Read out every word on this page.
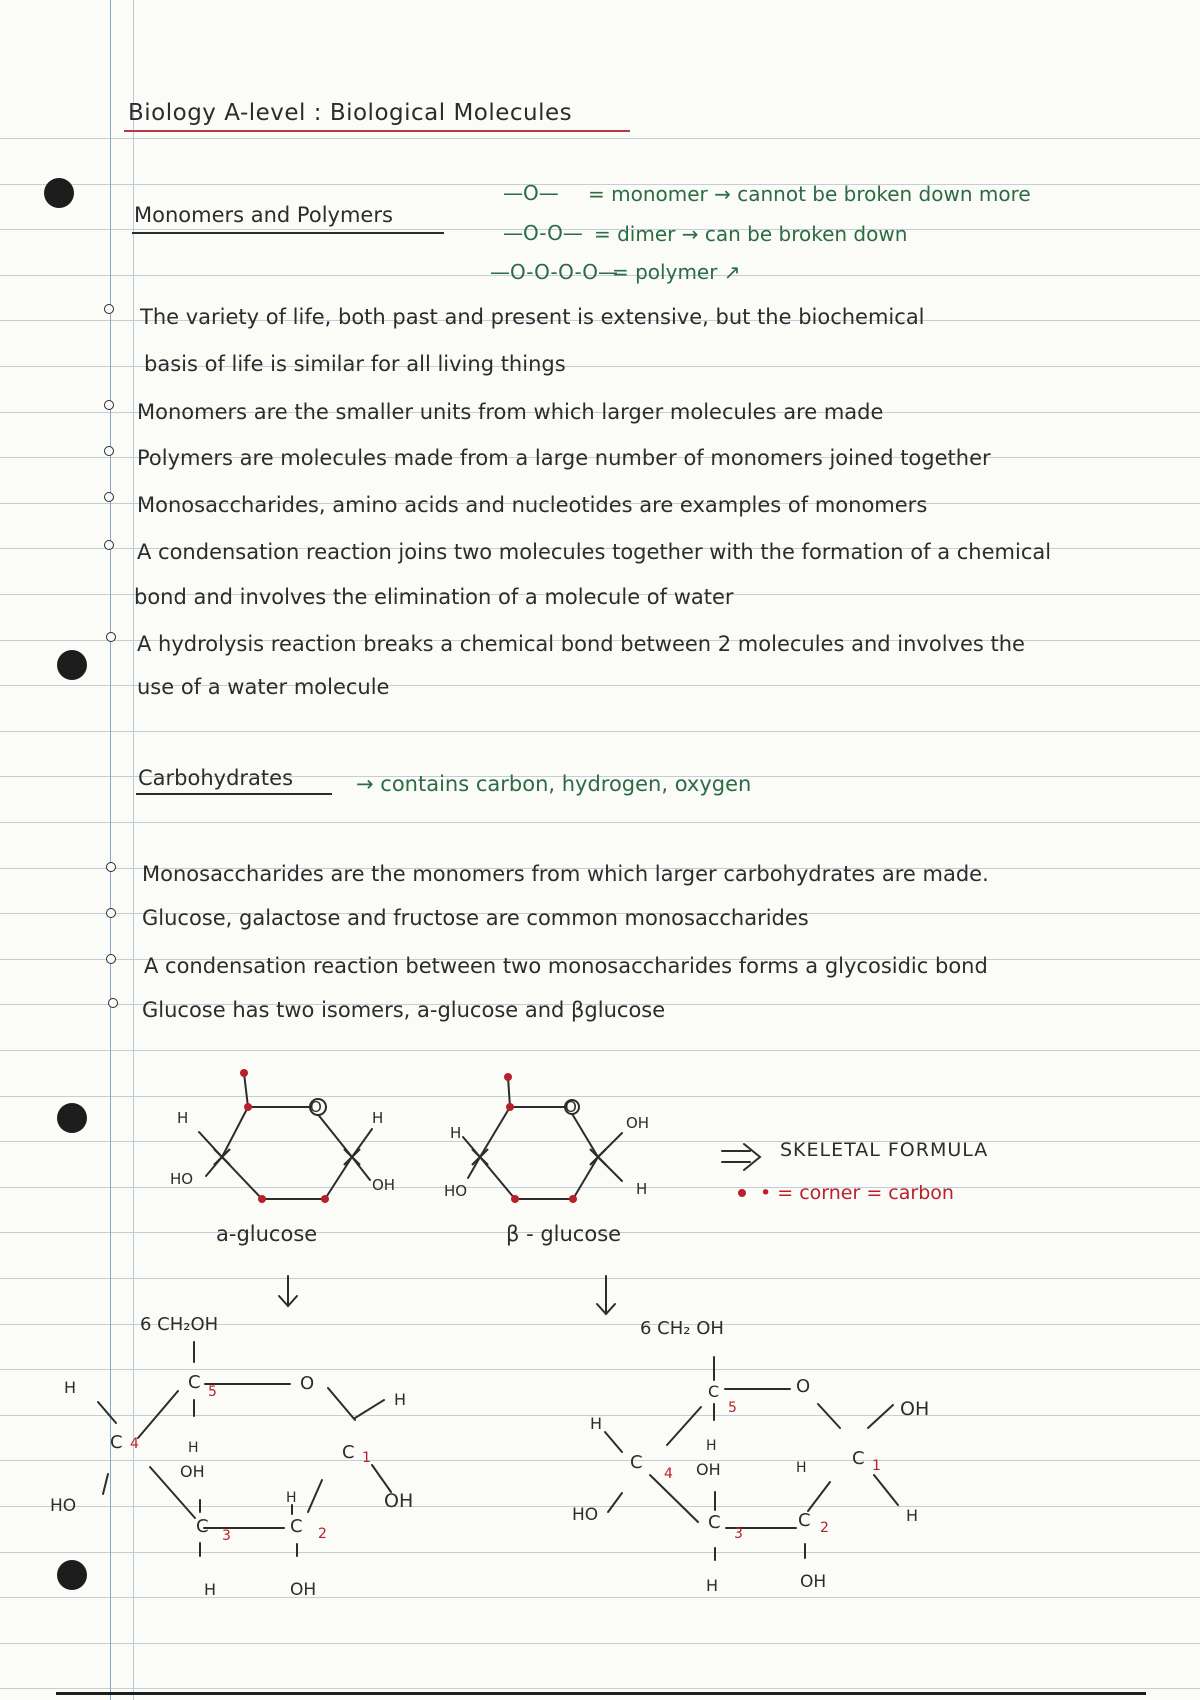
Biology A-level : Biological Molecules
Monomers and Polymers
—O— = monomer → cannot be broken down more
—O-O— = dimer → can be broken down
—O-O-O-O—
= polymer ↗
The variety of life, both past and present is extensive, but the biochemical
basis of life is similar for all living things
Monomers are the smaller units from which larger molecules are made
Polymers are molecules made from a large number of monomers joined together
Monosaccharides, amino acids and nucleotides are examples of monomers
A condensation reaction joins two molecules together with the formation of a chemical
bond and involves the elimination of a molecule of water
A hydrolysis reaction breaks a chemical bond between 2 molecules and involves the
use of a water molecule
Carbohydrates	→ contains carbon, hydrogen, oxygen
Monosaccharides are the monomers from which larger carbohydrates are made.
Glucose, galactose and fructose are common monosaccharides
A condensation reaction between two monosaccharides forms a glycosidic bond
Glucose has two isomers, a-glucose and βglucose
O
H
HO
H
OH
a-glucose
O
H
HO
OH
H
β - glucose
SKELETAL FORMULA
• = corner = carbon
6 CH₂OH
C 5	O
H
C 4
HO
H
OH
C 1
H
OH
C 3
H
H
C 2
OH
6 CH₂ OH
C
5
O
H
C
4
HO
H
OH
C 1
OH
H
C
3
H
H
C 2
OH
